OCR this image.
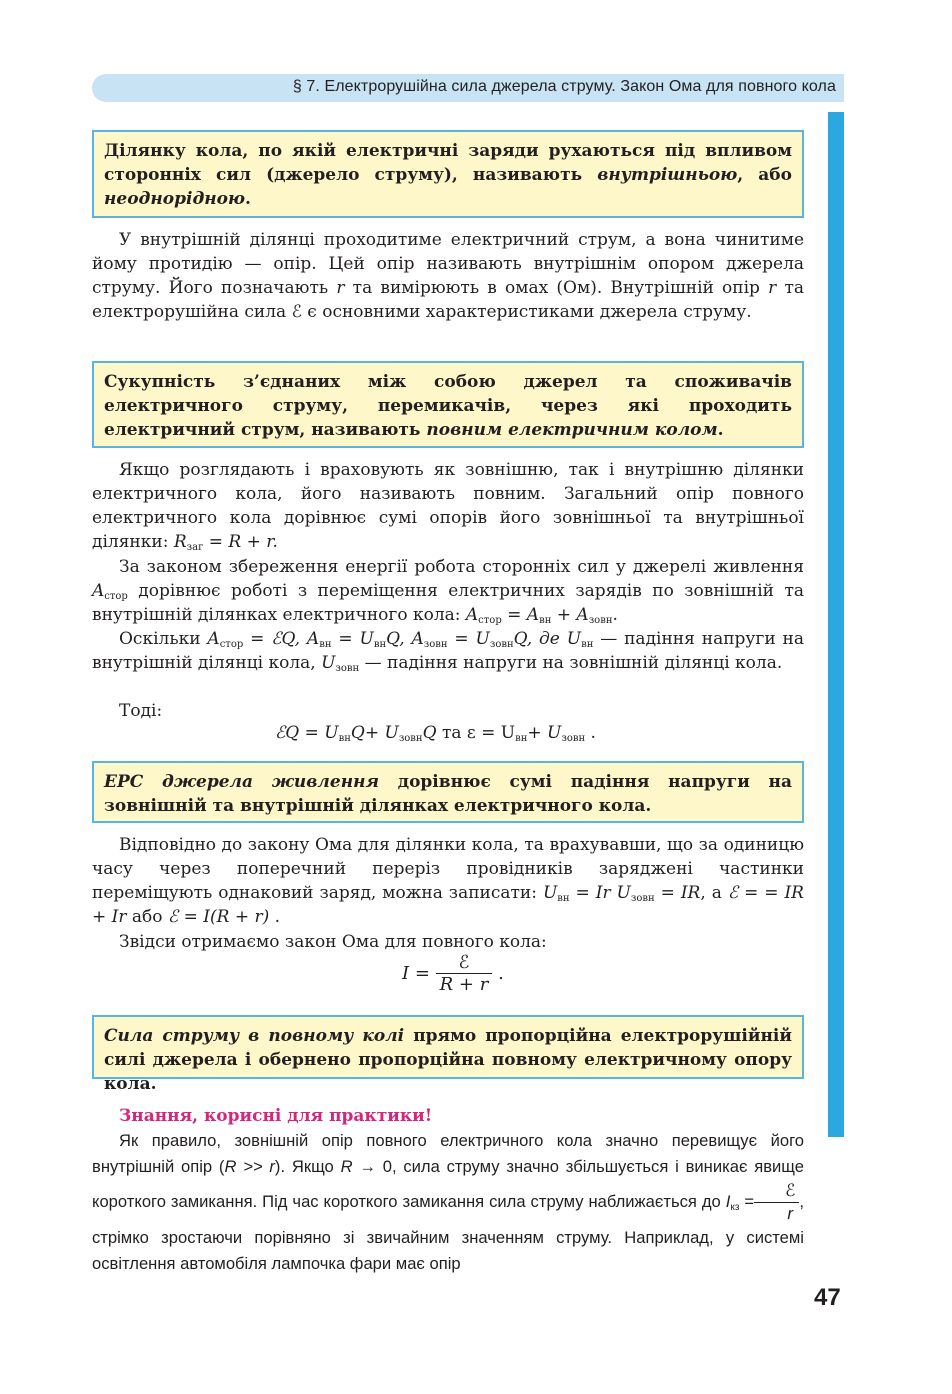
§ 7. Електрорушійна сила джерела струму. Закон Ома для повного кола
Ділянку кола, по якій електричні заряди рухаються під впливом сторонніх сил (джерело струму), називають внутрішньою, або неоднорідною.
У внутрішній ділянці проходитиме електричний струм, а вона чинитиме йому протидію — опір. Цей опір називають внутрішнім опором джерела струму. Його позначають r та вимірюють в омах (Ом). Внутрішній опір r та електрорушійна сила ℰ є основними характеристиками джерела струму.
Сукупність з’єднаних між собою джерел та споживачів електричного струму, перемикачів, через які проходить електричний струм, називають повним електричним колом.
Якщо розглядають і враховують як зовнішню, так і внутрішню ділянки електричного кола, його називають повним. Загальний опір повного електричного кола дорівнює сумі опорів його зовнішньої та внутрішньої ділянки: $R_{заг} = R + r$.
За законом збереження енергії робота сторонніх сил у джерелі живлення $A_{стор}$ дорівнює роботі з переміщення електричних зарядів по зовнішній та внутрішній ділянках електричного кола: $A_{стор} = A_{вн} + A_{зовн}$.
Оскільки $A_{стор}$ = ℰQ, $A_{вн} = U_{вн}Q$, $A_{зовн} = U_{зовн}Q$, де $U_{вн}$ — падіння напруги на внутрішній ділянці кола, $U_{зовн}$ — падіння напруги на зовнішній ділянці кола.
Тоді:
ℰQ = $U_{вн}Q+ U_{зовн}Q$ та $\varepsilon = U_{вн}+ U_{зовн}$ .
ЕРС джерела живлення дорівнює сумі падіння напруги на зовнішній та внутрішній ділянках електричного кола.
Відповідно до закону Ома для ділянки кола, та врахувавши, що за одиницю часу через поперечний переріз провідників заряджені частинки переміщують однаковий заряд, можна записати: $U_{вн} = Ir$ $U_{зовн}$ = IR, а ℰ = = IR + Ir або ℰ = I(R + r) .
Звідси отримаємо закон Ома для повного кола:
$I = \frac{\text{ℰ}}{R + r}$ .
Сила струму в повному колі прямо пропорційна електрорушійній силі джерела і обернено пропорційна повному електричному опору кола.
Знання, корисні для практики!
Як правило, зовнішній опір повного електричного кола значно перевищує його внутрішній опір (R >> r). Якщо R → 0, сила струму значно збільшується і виникає явище короткого замикання. Під час короткого замикання сила струму наближається до $I_{кз} = \frac{\text{ℰ}}{r}$ , стрімко зростаючи порівняно зі звичайним значенням струму. Наприклад, у системі освітлення автомобіля лампочка фари має опір
47
